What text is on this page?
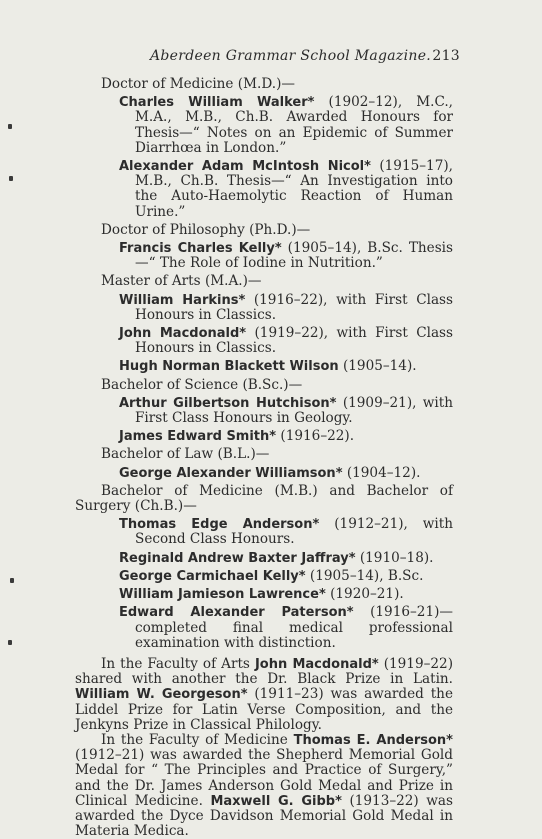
Aberdeen Grammar School Magazine. 213
Doctor of Medicine (M.D.)—
Charles William Walker* (1902–12), M.C., M.A., M.B., Ch.B. Awarded Honours for Thesis—“ Notes on an Epidemic of Summer Diarrhœa in London.”
Alexander Adam McIntosh Nicol* (1915–17), M.B., Ch.B. Thesis—“ An Investigation into the Auto-Haemolytic Reaction of Human Urine.”
Doctor of Philosophy (Ph.D.)—
Francis Charles Kelly* (1905–14), B.Sc. Thesis—“ The Role of Iodine in Nutrition.”
Master of Arts (M.A.)—
William Harkins* (1916–22), with First Class Honours in Classics.
John Macdonald* (1919–22), with First Class Honours in Classics.
Hugh Norman Blackett Wilson (1905–14).
Bachelor of Science (B.Sc.)—
Arthur Gilbertson Hutchison* (1909–21), with First Class Honours in Geology.
James Edward Smith* (1916–22).
Bachelor of Law (B.L.)—
George Alexander Williamson* (1904–12).
Bachelor of Medicine (M.B.) and Bachelor of Surgery (Ch.B.)—
Thomas Edge Anderson* (1912–21), with Second Class Honours.
Reginald Andrew Baxter Jaffray* (1910–18).
George Carmichael Kelly* (1905–14), B.Sc.
William Jamieson Lawrence* (1920–21).
Edward Alexander Paterson* (1916–21)—completed final medical professional examination with distinction.
In the Faculty of Arts John Macdonald* (1919–22) shared with another the Dr. Black Prize in Latin. William W. Georgeson* (1911–23) was awarded the Liddel Prize for Latin Verse Composition, and the Jenkyns Prize in Classical Philology.
In the Faculty of Medicine Thomas E. Anderson* (1912–21) was awarded the Shepherd Memorial Gold Medal for “ The Principles and Practice of Surgery,” and the Dr. James Anderson Gold Medal and Prize in Clinical Medicine. Maxwell G. Gibb* (1913–22) was awarded the Dyce Davidson Memorial Gold Medal in Materia Medica.
